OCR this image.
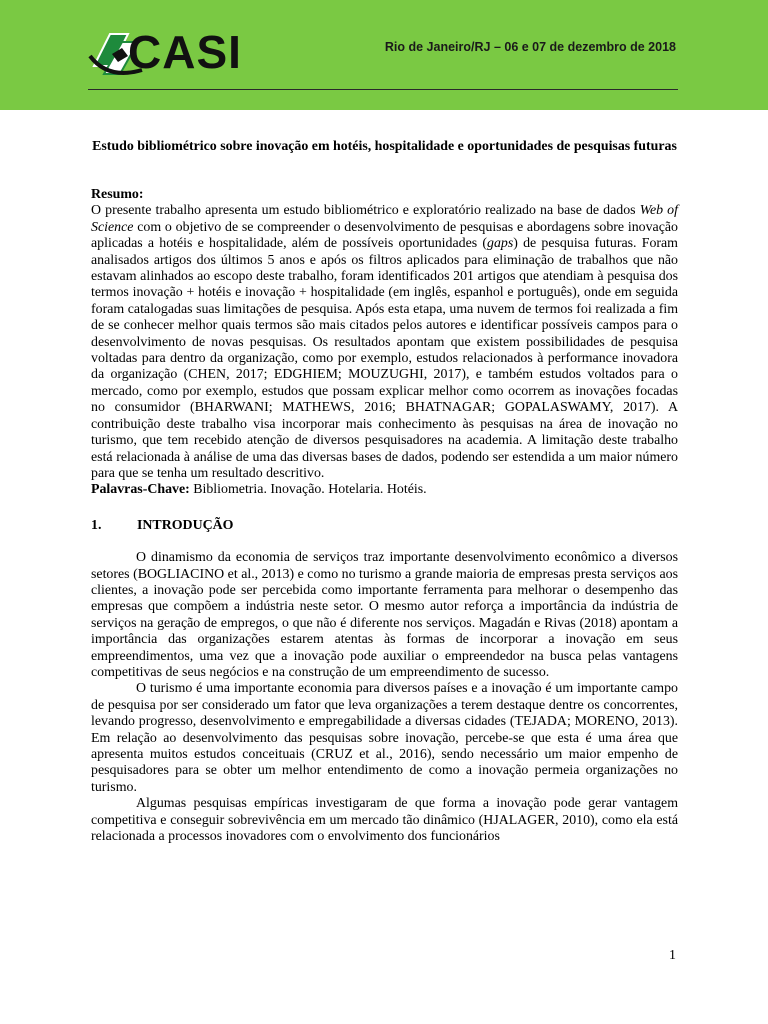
CASI	Rio de Janeiro/RJ – 06 e 07 de dezembro de 2018

Estudo bibliométrico sobre inovação em hotéis, hospitalidade e oportunidades de pesquisas futuras

Resumo:

O presente trabalho apresenta um estudo bibliométrico e exploratório realizado na base de dados Web of Science com o objetivo de se compreender o desenvolvimento de pesquisas e abordagens sobre inovação aplicadas a hotéis e hospitalidade, além de possíveis oportunidades (gaps) de pesquisa futuras. Foram analisados artigos dos últimos 5 anos e após os filtros aplicados para eliminação de trabalhos que não estavam alinhados ao escopo deste trabalho, foram identificados 201 artigos que atendiam à pesquisa dos termos inovação + hotéis e inovação + hospitalidade (em inglês, espanhol e português), onde em seguida foram catalogadas suas limitações de pesquisa. Após esta etapa, uma nuvem de termos foi realizada a fim de se conhecer melhor quais termos são mais citados pelos autores e identificar possíveis campos para o desenvolvimento de novas pesquisas. Os resultados apontam que existem possibilidades de pesquisa voltadas para dentro da organização, como por exemplo, estudos relacionados à performance inovadora da organização (CHEN, 2017; EDGHIEM; MOUZUGHI, 2017), e também estudos voltados para o mercado, como por exemplo, estudos que possam explicar melhor como ocorrem as inovações focadas no consumidor (BHARWANI; MATHEWS, 2016; BHATNAGAR; GOPALASWAMY, 2017). A contribuição deste trabalho visa incorporar mais conhecimento às pesquisas na área de inovação no turismo, que tem recebido atenção de diversos pesquisadores na academia. A limitação deste trabalho está relacionada à análise de uma das diversas bases de dados, podendo ser estendida a um maior número para que se tenha um resultado descritivo.

Palavras-Chave: Bibliometria. Inovação. Hotelaria. Hotéis.

1.	INTRODUÇÃO

O dinamismo da economia de serviços traz importante desenvolvimento econômico a diversos setores (BOGLIACINO et al., 2013) e como no turismo a grande maioria de empresas presta serviços aos clientes, a inovação pode ser percebida como importante ferramenta para melhorar o desempenho das empresas que compõem a indústria neste setor. O mesmo autor reforça a importância da indústria de serviços na geração de empregos, o que não é diferente nos serviços. Magadán e Rivas (2018) apontam a importância das organizações estarem atentas às formas de incorporar a inovação em seus empreendimentos, uma vez que a inovação pode auxiliar o empreendedor na busca pelas vantagens competitivas de seus negócios e na construção de um empreendimento de sucesso.

O turismo é uma importante economia para diversos países e a inovação é um importante campo de pesquisa por ser considerado um fator que leva organizações a terem destaque dentre os concorrentes, levando progresso, desenvolvimento e empregabilidade a diversas cidades (TEJADA; MORENO, 2013). Em relação ao desenvolvimento das pesquisas sobre inovação, percebe-se que esta é uma área que apresenta muitos estudos conceituais (CRUZ et al., 2016), sendo necessário um maior empenho de pesquisadores para se obter um melhor entendimento de como a inovação permeia organizações no turismo.

Algumas pesquisas empíricas investigaram de que forma a inovação pode gerar vantagem competitiva e conseguir sobrevivência em um mercado tão dinâmico (HJALAGER, 2010), como ela está relacionada a processos inovadores com o envolvimento dos funcionários

1
